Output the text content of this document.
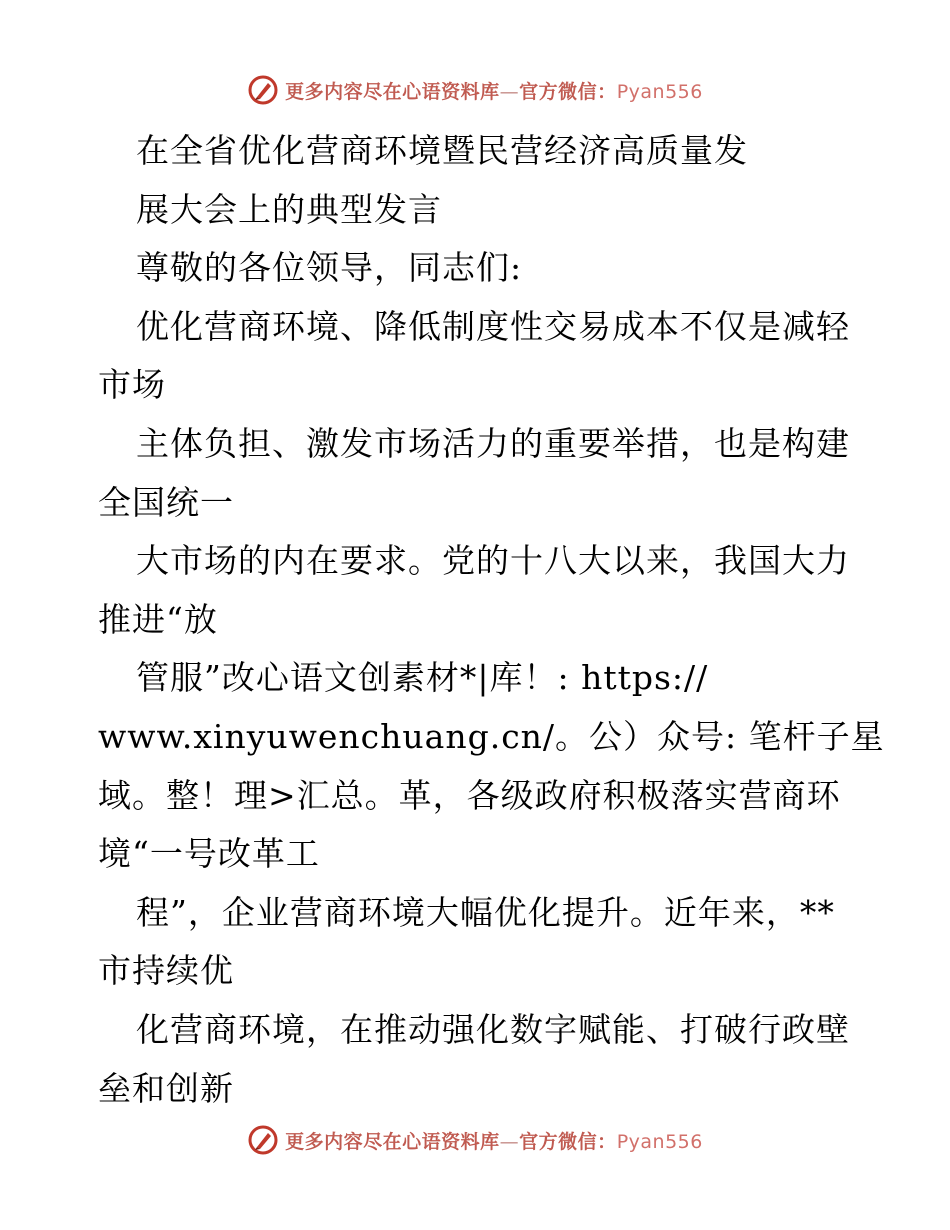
更多内容尽在心语资料库—官方微信：Pyan556
在全省优化营商环境暨民营经济高质量发
展大会上的典型发言
尊敬的各位领导，同志们:
优化营商环境、降低制度性交易成本不仅是减轻
市场
主体负担、激发市场活力的重要举措，也是构建
全国统一
大市场的内在要求。党的十八大以来，我国大力
推进“放
管服”改心语文创素材*|库！: https://
www.xinyuwenchuang.cn/。公）众号: 笔杆子星
域。整！理>汇总。革，各级政府积极落实营商环
境“一号改革工
程”，企业营商环境大幅优化提升。近年来，**
市持续优
化营商环境，在推动强化数字赋能、打破行政壁
垒和创新
更多内容尽在心语资料库—官方微信：Pyan556
